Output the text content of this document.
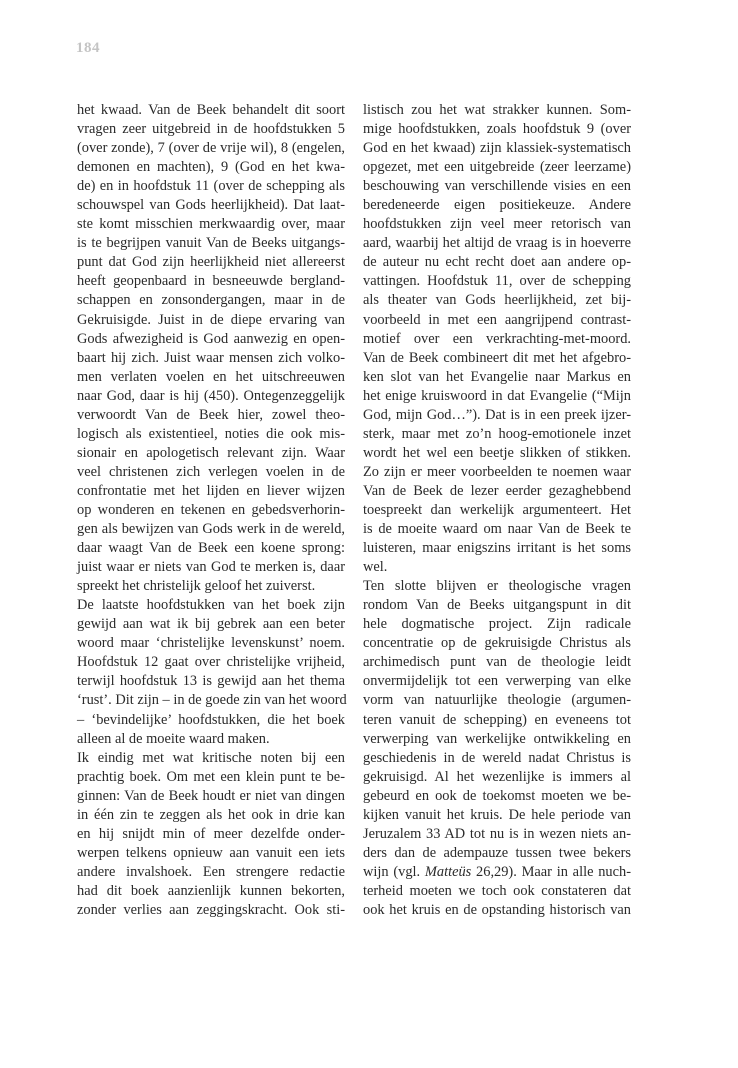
184
het kwaad. Van de Beek behandelt dit soort
vragen zeer uitgebreid in de hoofdstukken 5
(over zonde), 7 (over de vrije wil), 8 (engelen,
demonen en machten), 9 (God en het kwa-
de) en in hoofdstuk 11 (over de schepping als
schouwspel van Gods heerlijkheid). Dat laat-
ste komt misschien merkwaardig over, maar
is te begrijpen vanuit Van de Beeks uitgangs-
punt dat God zijn heerlijkheid niet allereerst
heeft geopenbaard in besneeuwde bergland-
schappen en zonsondergangen, maar in de
Gekruisigde. Juist in de diepe ervaring van
Gods afwezigheid is God aanwezig en open-
baart hij zich. Juist waar mensen zich volko-
men verlaten voelen en het uitschreeuwen
naar God, daar is hij (450). Ontegenzeggelijk
verwoordt Van de Beek hier, zowel theo-
logisch als existentieel, noties die ook mis-
sionair en apologetisch relevant zijn. Waar
veel christenen zich verlegen voelen in de
confrontatie met het lijden en liever wijzen
op wonderen en tekenen en gebedsverhorin-
gen als bewijzen van Gods werk in de wereld,
daar waagt Van de Beek een koene sprong:
juist waar er niets van God te merken is, daar
spreekt het christelijk geloof het zuiverst.
De laatste hoofdstukken van het boek zijn
gewijd aan wat ik bij gebrek aan een beter
woord maar ‘christelijke levenskunst’ noem.
Hoofdstuk 12 gaat over christelijke vrijheid,
terwijl hoofdstuk 13 is gewijd aan het thema
‘rust’. Dit zijn – in de goede zin van het woord
– ‘bevindelijke’ hoofdstukken, die het boek
alleen al de moeite waard maken.
Ik eindig met wat kritische noten bij een
prachtig boek. Om met een klein punt te be-
ginnen: Van de Beek houdt er niet van dingen
in één zin te zeggen als het ook in drie kan
en hij snijdt min of meer dezelfde onder-
werpen telkens opnieuw aan vanuit een iets
andere invalshoek. Een strengere redactie
had dit boek aanzienlijk kunnen bekorten,
zonder verlies aan zeggingskracht. Ook sti-
listisch zou het wat strakker kunnen. Som-
mige hoofdstukken, zoals hoofdstuk 9 (over
God en het kwaad) zijn klassiek-systematisch
opgezet, met een uitgebreide (zeer leerzame)
beschouwing van verschillende visies en een
beredeneerde eigen positiekeuze. Andere
hoofdstukken zijn veel meer retorisch van
aard, waarbij het altijd de vraag is in hoeverre
de auteur nu echt recht doet aan andere op-
vattingen. Hoofdstuk 11, over de schepping
als theater van Gods heerlijkheid, zet bij-
voorbeeld in met een aangrijpend contrast-
motief over een verkrachting-met-moord.
Van de Beek combineert dit met het afgebro-
ken slot van het Evangelie naar Markus en
het enige kruiswoord in dat Evangelie (“Mijn
God, mijn God…”). Dat is in een preek ijzer-
sterk, maar met zo’n hoog-emotionele inzet
wordt het wel een beetje slikken of stikken.
Zo zijn er meer voorbeelden te noemen waar
Van de Beek de lezer eerder gezaghebbend
toespreekt dan werkelijk argumenteert. Het
is de moeite waard om naar Van de Beek te
luisteren, maar enigszins irritant is het soms
wel.
Ten slotte blijven er theologische vragen
rondom Van de Beeks uitgangspunt in dit
hele dogmatische project. Zijn radicale
concentratie op de gekruisigde Christus als
archimedisch punt van de theologie leidt
onvermijdelijk tot een verwerping van elke
vorm van natuurlijke theologie (argumen-
teren vanuit de schepping) en eveneens tot
verwerping van werkelijke ontwikkeling en
geschiedenis in de wereld nadat Christus is
gekruisigd. Al het wezenlijke is immers al
gebeurd en ook de toekomst moeten we be-
kijken vanuit het kruis. De hele periode van
Jeruzalem 33 AD tot nu is in wezen niets an-
ders dan de adempauze tussen twee bekers
wijn (vgl. Matteüs 26,29). Maar in alle nuch-
terheid moeten we toch ook constateren dat
ook het kruis en de opstanding historisch van
